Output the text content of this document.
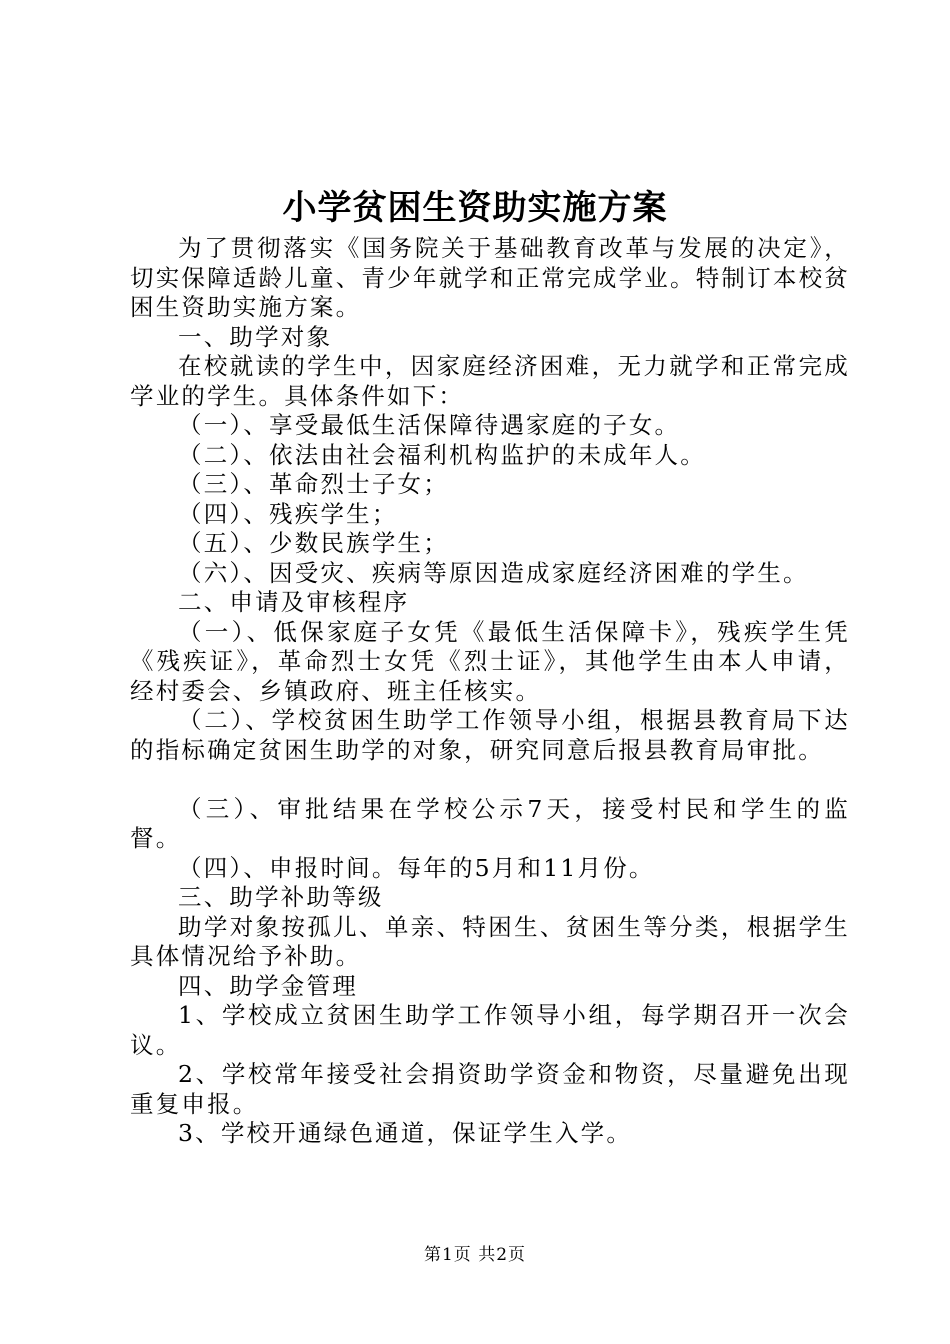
小学贫困生资助实施方案

为了贯彻落实《国务院关于基础教育改革与发展的决定》，切实保障适龄儿童、青少年就学和正常完成学业。特制订本校贫困生资助实施方案。

一、助学对象

在校就读的学生中，因家庭经济困难，无力就学和正常完成学业的学生。具体条件如下：

（一）、享受最低生活保障待遇家庭的子女。

（二）、依法由社会福利机构监护的未成年人。

（三）、革命烈士子女；

（四）、残疾学生；

（五）、少数民族学生；

（六）、因受灾、疾病等原因造成家庭经济困难的学生。

二、申请及审核程序

（一）、低保家庭子女凭《最低生活保障卡》，残疾学生凭《残疾证》，革命烈士女凭《烈士证》，其他学生由本人申请，经村委会、乡镇政府、班主任核实。

（二）、学校贫困生助学工作领导小组，根据县教育局下达的指标确定贫困生助学的对象，研究同意后报县教育局审批。

（三）、审批结果在学校公示7天，接受村民和学生的监督。

（四）、申报时间。每年的5月和11月份。

三、助学补助等级

助学对象按孤儿、单亲、特困生、贫困生等分类，根据学生具体情况给予补助。

四、助学金管理

1、学校成立贫困生助学工作领导小组，每学期召开一次会议。

2、学校常年接受社会捐资助学资金和物资，尽量避免出现重复申报。

3、学校开通绿色通道，保证学生入学。

第1页 共2页
